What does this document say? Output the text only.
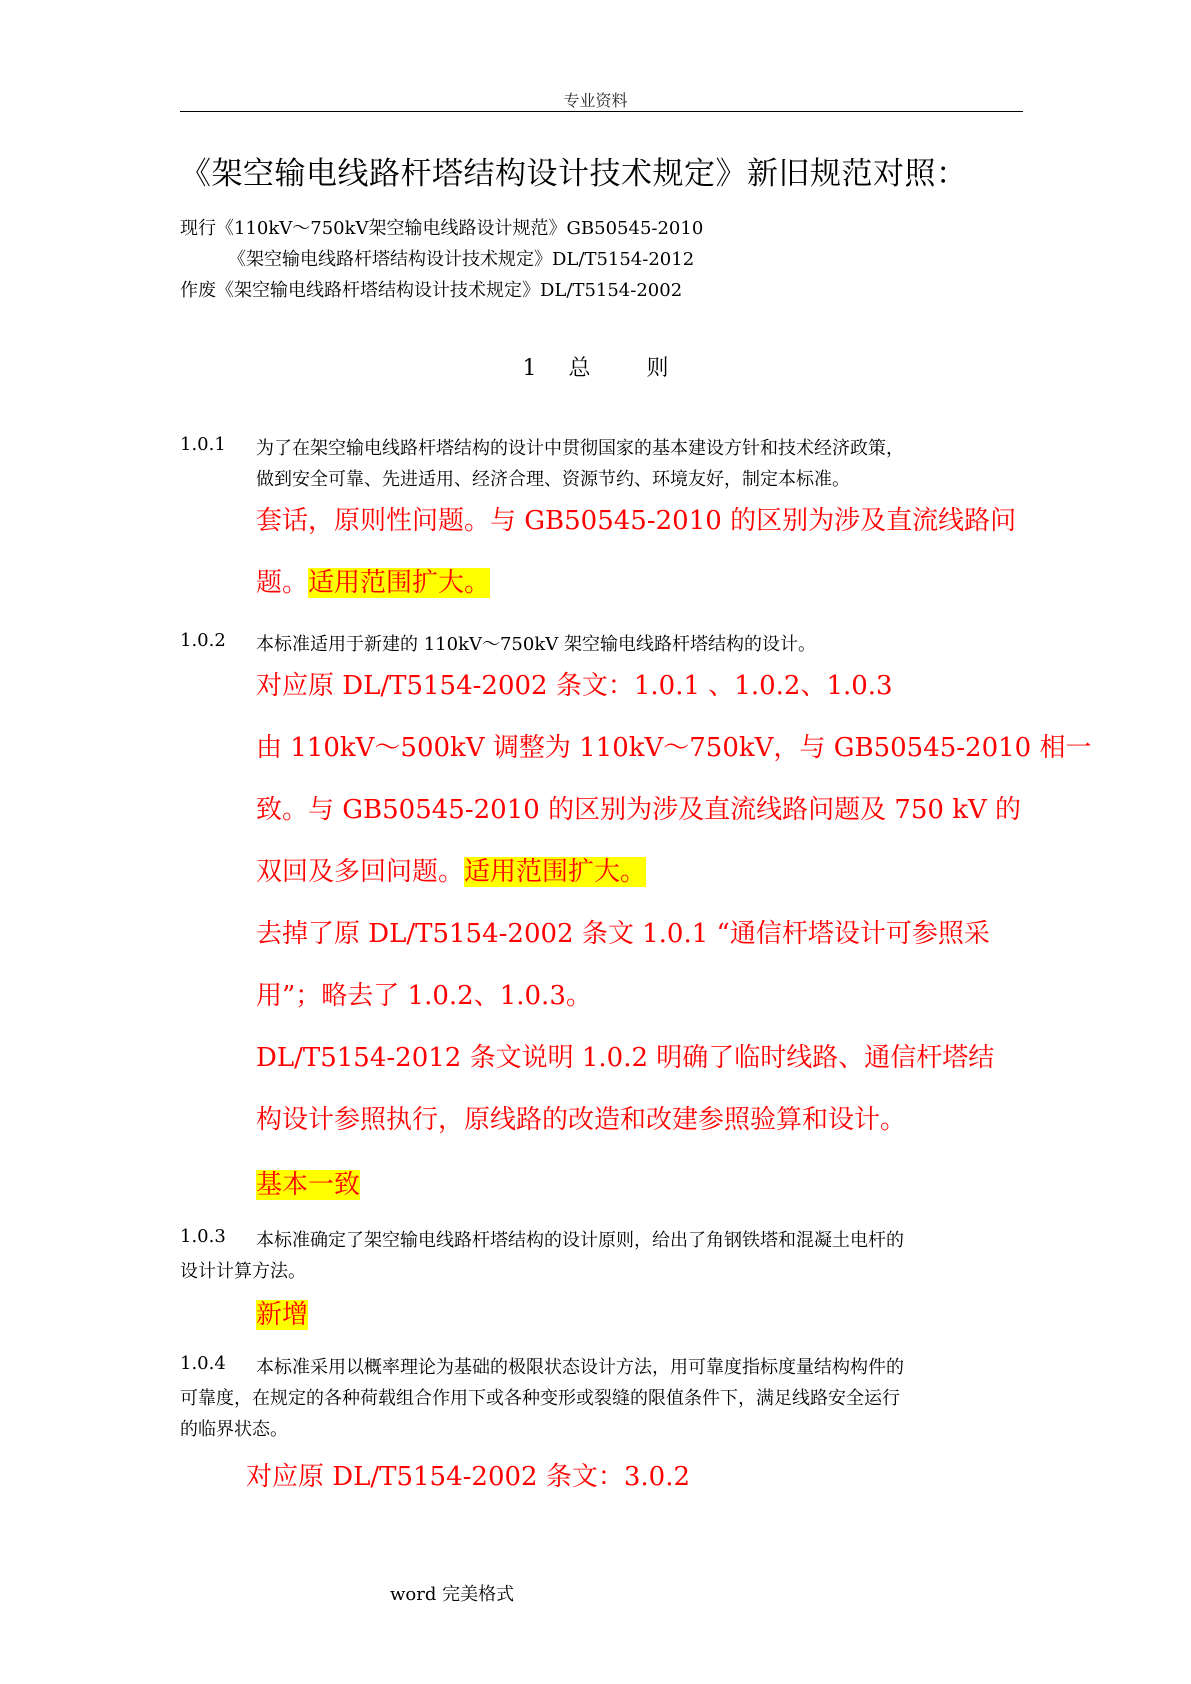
专业资料
《架空输电线路杆塔结构设计技术规定》新旧规范对照：
现行《110kV～750kV架空输电线路设计规范》GB50545-2010
《架空输电线路杆塔结构设计技术规定》DL/T5154-2012
作废《架空输电线路杆塔结构设计技术规定》DL/T5154-2002
1 总	则
1.0.1 为了在架空输电线路杆塔结构的设计中贯彻国家的基本建设方针和技术经济政策，
做到安全可靠、先进适用、经济合理、资源节约、环境友好，制定本标准。
套话，原则性问题。与 GB50545-2010 的区别为涉及直流线路问
题。适用范围扩大。
1.0.2 本标准适用于新建的 110kV～750kV 架空输电线路杆塔结构的设计。
对应原 DL/T5154-2002 条文：1.0.1 、1.0.2、1.0.3
由 110kV～500kV 调整为 110kV～750kV，与 GB50545-2010 相一
致。与 GB50545-2010 的区别为涉及直流线路问题及 750 kV 的
双回及多回问题。适用范围扩大。
去掉了原 DL/T5154-2002 条文 1.0.1 “通信杆塔设计可参照采
用”；略去了 1.0.2、1.0.3。
DL/T5154-2012 条文说明 1.0.2 明确了临时线路、通信杆塔结
构设计参照执行，原线路的改造和改建参照验算和设计。
基本一致
1.0.3 本标准确定了架空输电线路杆塔结构的设计原则，给出了角钢铁塔和混凝土电杆的
设计计算方法。
新增
1.0.4 本标准采用以概率理论为基础的极限状态设计方法，用可靠度指标度量结构构件的
可靠度，在规定的各种荷载组合作用下或各种变形或裂缝的限值条件下，满足线路安全运行
的临界状态。
对应原 DL/T5154-2002 条文：3.0.2
word 完美格式
